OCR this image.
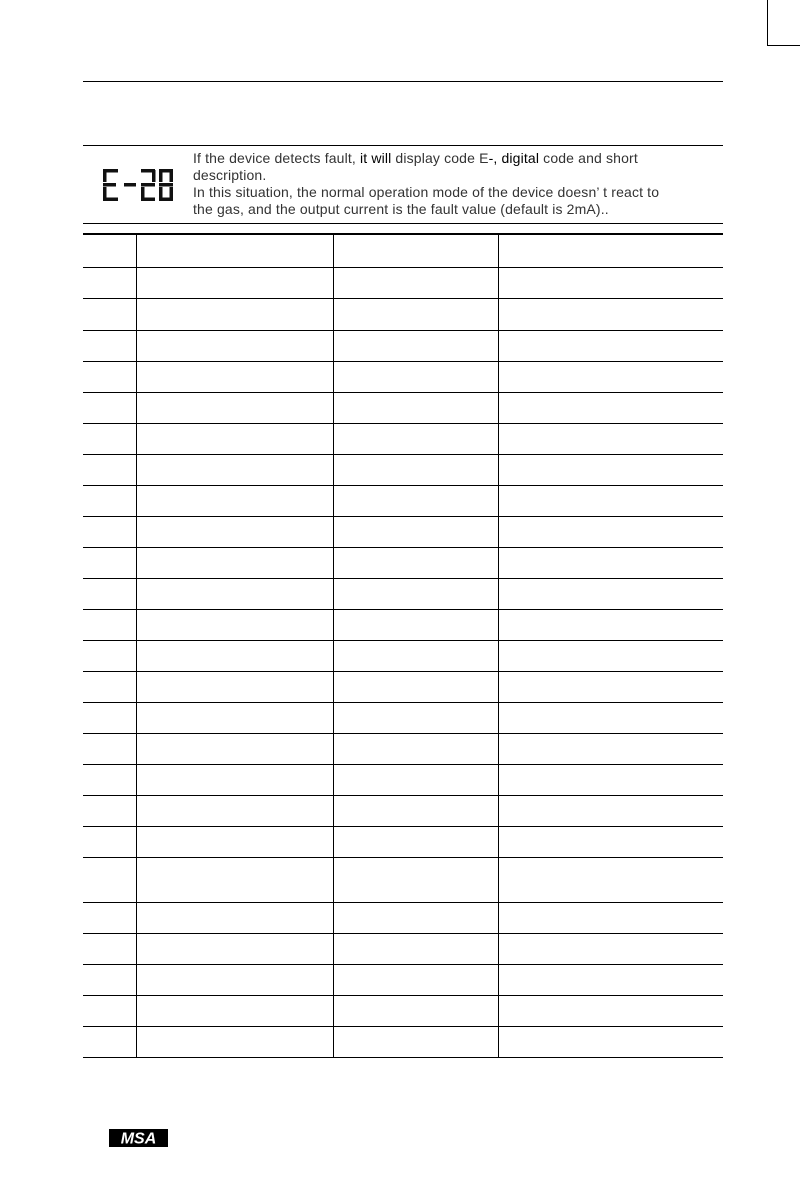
If the device detects fault, it will display code E-, digital code and short

description.

In this situation, the normal operation mode of the device doesn’ t react to

the gas, and the output current is the fault value (default is 2mA)..

MSA
